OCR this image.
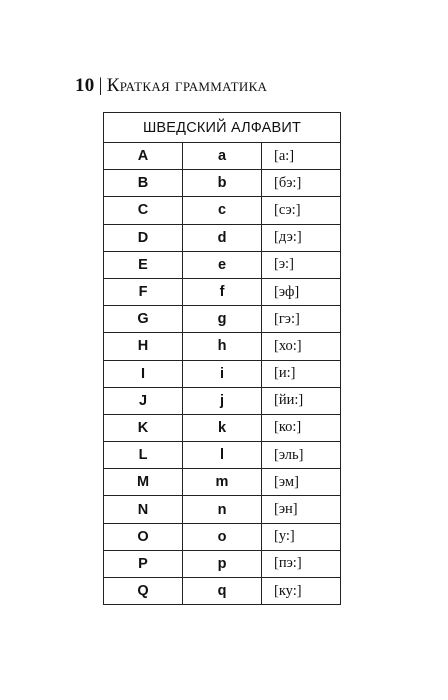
10 | Краткая грамматика
ШВЕДСКИЙ АЛФАВИТ		
A	a	[а:]
B	b	[бэ:]
C	c	[сэ:]
D	d	[дэ:]
E	e	[э:]
F	f	[эф]
G	g	[гэ:]
H	h	[хо:]
I	i	[и:]
J	j	[йи:]
K	k	[ко:]
L	l	[эль]
M	m	[эм]
N	n	[эн]
O	o	[у:]
P	p	[пэ:]
Q	q	[ку:]
